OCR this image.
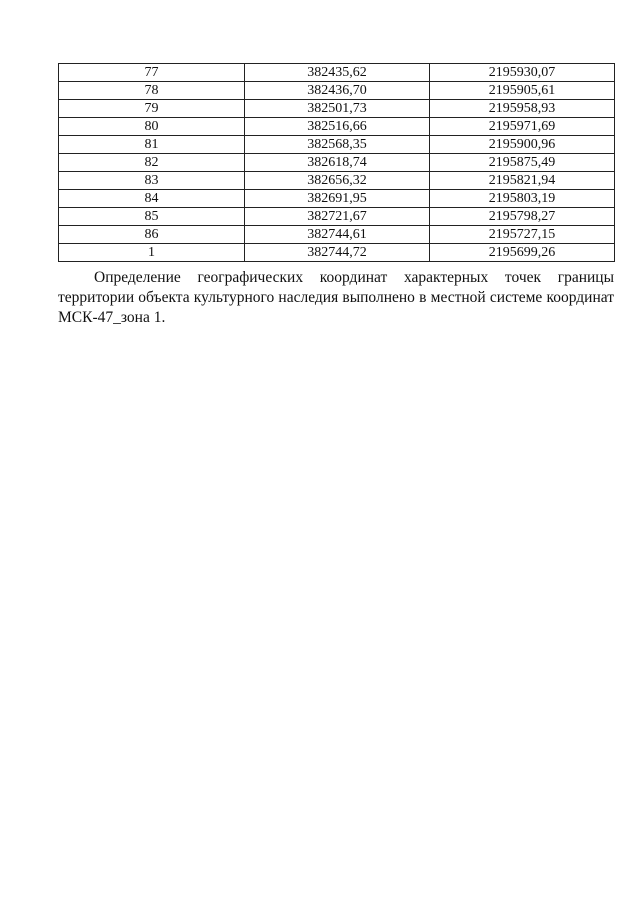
77	382435,62	2195930,07
78	382436,70	2195905,61
79	382501,73	2195958,93
80	382516,66	2195971,69
81	382568,35	2195900,96
82	382618,74	2195875,49
83	382656,32	2195821,94
84	382691,95	2195803,19
85	382721,67	2195798,27
86	382744,61	2195727,15
1	382744,72	2195699,26

Определение географических координат характерных точек границы территории объекта культурного наследия выполнено в местной системе координат МСК-47_зона 1.
